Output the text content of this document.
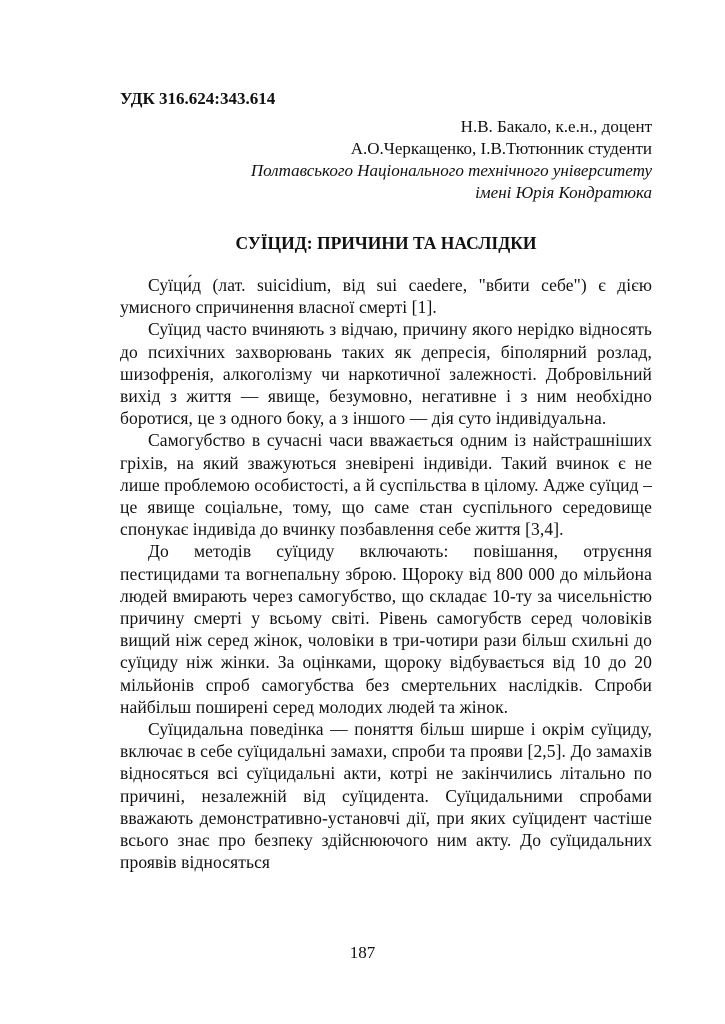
УДК 316.624:343.614
Н.В. Бакало, к.е.н., доцент
А.О.Черкащенко, І.В.Тютюнник студенти
Полтавського Національного технічного університету
імені Юрія Кондратюка
СУЇЦИД: ПРИЧИНИ ТА НАСЛІДКИ

Суїци́д (лат. suicidium, від sui caedere, "вбити себе") є дією умисного спричинення власної смерті [1].

Суїцид часто вчиняють з відчаю, причину якого нерідко відносять до психічних захворювань таких як депресія, біполярний розлад, шизофренія, алкоголізму чи наркотичної залежності. Добровільний вихід з життя — явище, безумовно, негативне і з ним необхідно боротися, це з одного боку, а з іншого — дія суто індивідуальна.

Самогубство в сучасні часи вважається одним із найстрашніших гріхів, на який зважуються зневірені індивіди. Такий вчинок є не лише проблемою особистості, а й суспільства в цілому. Адже суїцид – це явище соціальне, тому, що саме стан суспільного середовище спонукає індивіда до вчинку позбавлення себе життя [3,4].

До методів суїциду включають: повішання, отруєння пестицидами та вогнепальну зброю. Щороку від 800 000 до мільйона людей вмирають через самогубство, що складає 10-ту за чисельністю причину смерті у всьому світі. Рівень самогубств серед чоловіків вищий ніж серед жінок, чоловіки в три-чотири рази більш схильні до суїциду ніж жінки. За оцінками, щороку відбувається від 10 до 20 мільйонів спроб самогубства без смертельних наслідків. Спроби найбільш поширені серед молодих людей та жінок.

Суїцидальна поведінка — поняття більш ширше і окрім суїциду, включає в себе суїцидальні замахи, спроби та прояви [2,5]. До замахів відносяться всі суїцидальні акти, котрі не закінчились літально по причині, незалежній від суїцидента. Суїцидальними спробами вважають демонстративно-установчі дії, при яких суїцидент частіше всього знає про безпеку здійснюючого ним акту. До суїцидальних проявів відносяться

187
